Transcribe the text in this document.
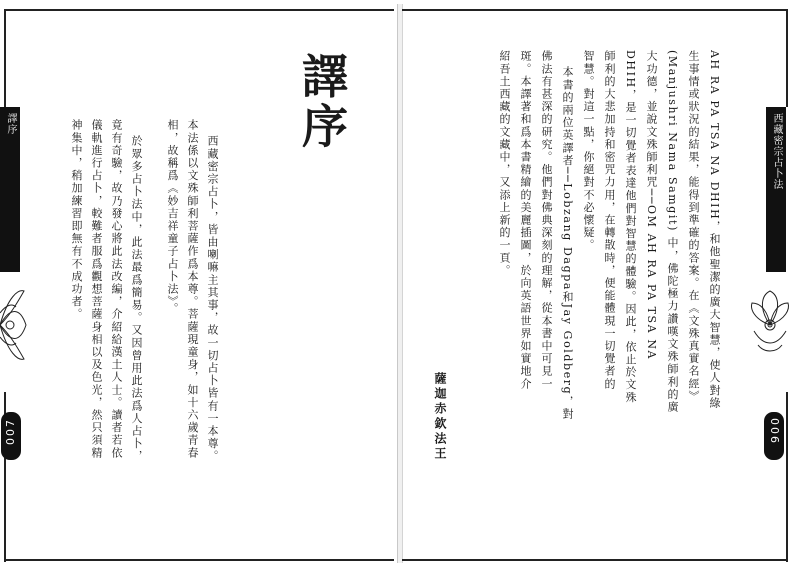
譯序	西藏密宗占卜法
007	006
譯序	AH RA PA TSA NA DHIH，和他聖潔的廣大智慧，使人對綠
生事情或狀況的結果，能得到準確的答案。在《文殊真實名經》
(Manjushri Nama Samgit) 中，佛陀極力讚嘆文殊師利的廣
大功德，並說文殊師利咒──OM AH RA PA TSA NA
DHIH，是一切覺者表達他們對智慧的體驗。因此，依止於文殊
師利的大悲加持和密咒力用，在轉散時，便能體現一切覺者的
智慧。對這一點，你絕對不必懷疑。
本書的兩位英譯者──Lobzang Dagpa和Jay Goldberg，對
佛法有甚深的研究。他們對佛典深刻的理解，從本書中可見一
斑。本譯著和爲本書精繪的美麗插圖，於向英語世界如實地介
紹吾土西藏的文藏中，又添上新的一頁。
薩迦赤欽法王
西藏密宗占卜，皆由喇嘛主其事，故一切占卜皆有一本尊。
本法係以文殊師利菩薩作爲本尊。菩薩現童身，如十六歲青春
相，故稱爲《妙吉祥童子占卜法》。
於眾多占卜法中，此法最爲簡易。又因曾用此法爲人占卜，
竟有奇驗，故乃發心將此法改編，介紹給漢土人士。讀者若依
儀軌進行占卜，較難者服爲觀想菩薩身相以及色光，然只須精
神集中，稍加練習即無有不成功者。
